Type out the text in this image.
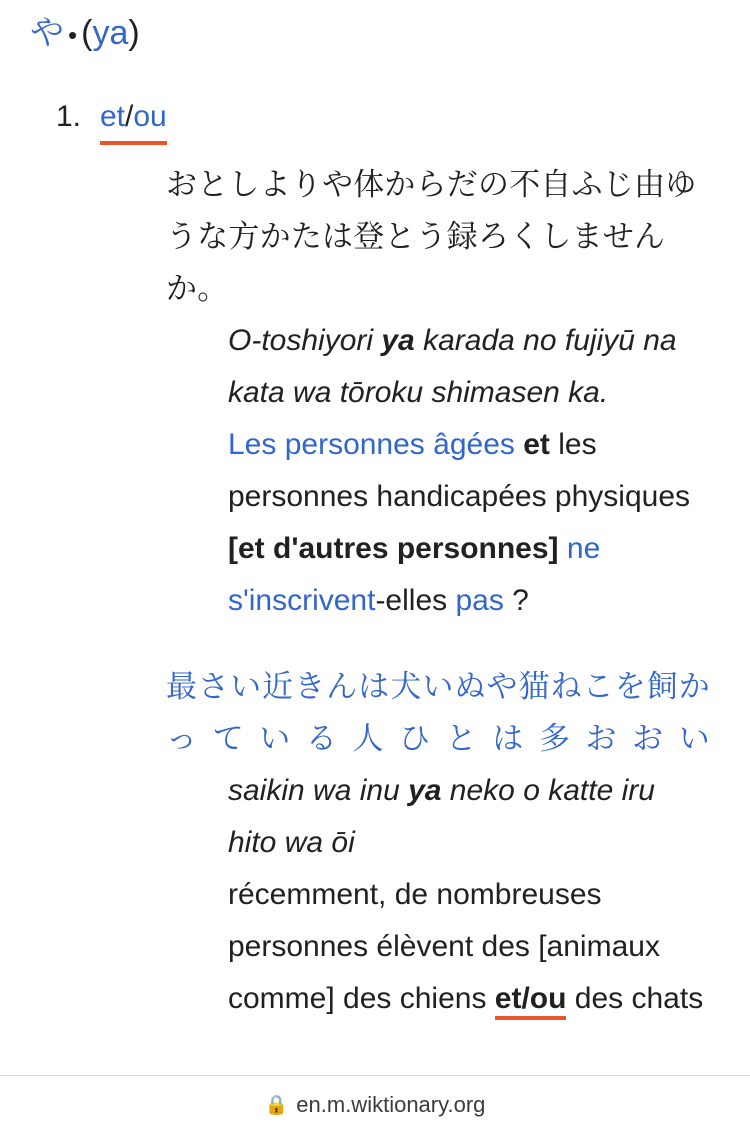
や • (ya)
1. et/ou
おとしよりや体からだの不自ふじ由ゆうな方かたは登とう録ろくしませんか。
O-toshiyori ya karada no fujiyū na kata wa tōroku shimasen ka.
Les personnes âgées et les personnes handicapées physiques [et d'autres personnes] ne s'inscrivent-elles pas ?
最さい近きんは犬いぬや猫ねこを飼かっている人ひとは多おおい
saikin wa inu ya neko o katte iru hito wa ōi
récemment, de nombreuses personnes élèvent des [animaux comme] des chiens et/ou des chats
🔒 en.m.wiktionary.org
